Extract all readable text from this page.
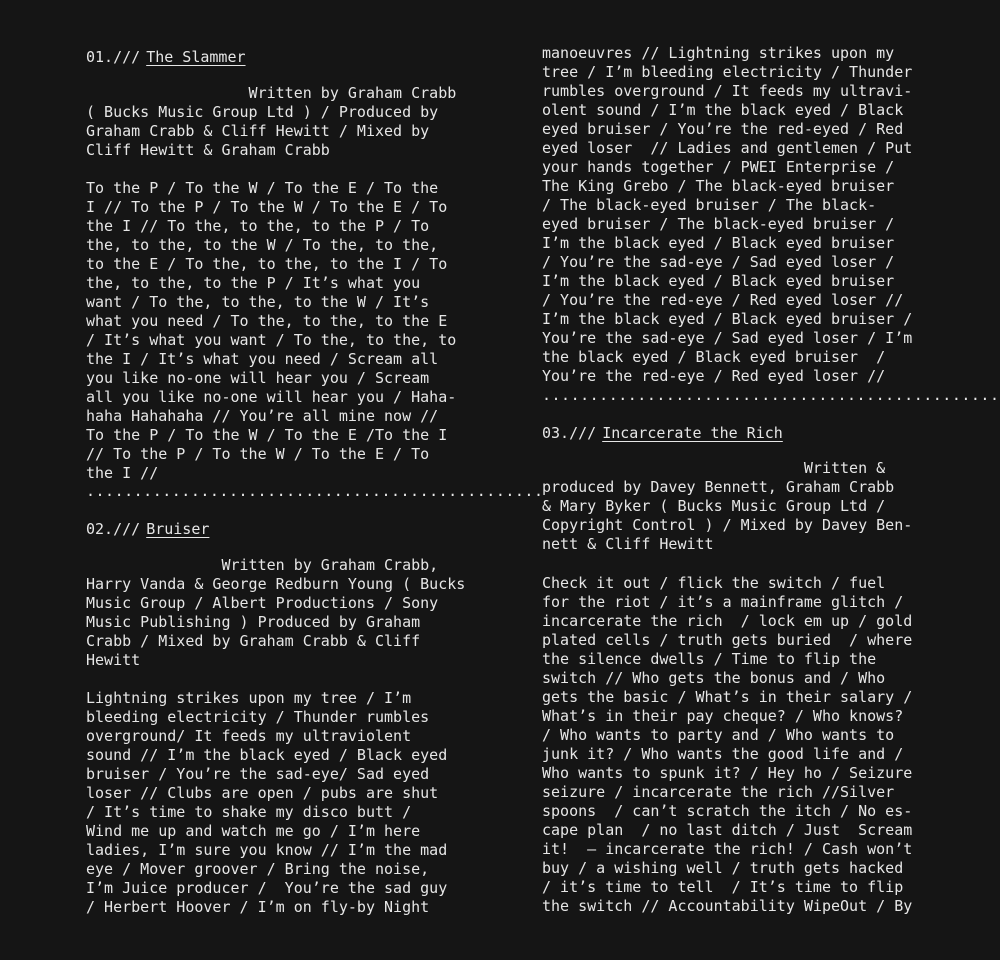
01./// The Slammer
Written by Graham Crabb
( Bucks Music Group Ltd ) / Produced by
Graham Crabb & Cliff Hewitt / Mixed by
Cliff Hewitt & Graham Crabb
To the P / To the W / To the E / To the
I // To the P / To the W / To the E / To
the I // To the, to the, to the P / To
the, to the, to the W / To the, to the,
to the E / To the, to the, to the I / To
the, to the, to the P / It’s what you
want / To the, to the, to the W / It’s
what you need / To the, to the, to the E
/ It’s what you want / To the, to the, to
the I / It’s what you need / Scream all
you like no-one will hear you / Scream
all you like no-one will hear you / Haha-
haha Hahahaha // You’re all mine now //
To the P / To the W / To the E /To the I
// To the P / To the W / To the E / To
the I //
................................................
02./// Bruiser
Written by Graham Crabb,
Harry Vanda & George Redburn Young ( Bucks
Music Group / Albert Productions / Sony
Music Publishing ) Produced by Graham
Crabb / Mixed by Graham Crabb & Cliff
Hewitt
Lightning strikes upon my tree / I’m
bleeding electricity / Thunder rumbles
overground/ It feeds my ultraviolent
sound // I’m the black eyed / Black eyed
bruiser / You’re the sad-eye/ Sad eyed
loser // Clubs are open / pubs are shut
/ It’s time to shake my disco butt /
Wind me up and watch me go / I’m here
ladies, I’m sure you know // I’m the mad
eye / Mover groover / Bring the noise,
I’m Juice producer /  You’re the sad guy
/ Herbert Hoover / I’m on fly-by Night
manoeuvres // Lightning strikes upon my
tree / I’m bleeding electricity / Thunder
rumbles overground / It feeds my ultravi-
olent sound / I’m the black eyed / Black
eyed bruiser / You’re the red-eyed / Red
eyed loser  // Ladies and gentlemen / Put
your hands together / PWEI Enterprise /
The King Grebo / The black-eyed bruiser
/ The black-eyed bruiser / The black-
eyed bruiser / The black-eyed bruiser /
I’m the black eyed / Black eyed bruiser
/ You’re the sad-eye / Sad eyed loser /
I’m the black eyed / Black eyed bruiser
/ You’re the red-eye / Red eyed loser //
I’m the black eyed / Black eyed bruiser /
You’re the sad-eye / Sad eyed loser / I’m
the black eyed / Black eyed bruiser  /
You’re the red-eye / Red eyed loser //
................................................
03./// Incarcerate the Rich
Written &
produced by Davey Bennett, Graham Crabb
& Mary Byker ( Bucks Music Group Ltd /
Copyright Control ) / Mixed by Davey Ben-
nett & Cliff Hewitt
Check it out / flick the switch / fuel
for the riot / it’s a mainframe glitch /
incarcerate the rich  / lock em up / gold
plated cells / truth gets buried  / where
the silence dwells / Time to flip the
switch // Who gets the bonus and / Who
gets the basic / What’s in their salary /
What’s in their pay cheque? / Who knows?
/ Who wants to party and / Who wants to
junk it? / Who wants the good life and /
Who wants to spunk it? / Hey ho / Seizure
seizure / incarcerate the rich //Silver
spoons  / can’t scratch the itch / No es-
cape plan  / no last ditch / Just  Scream
it!  — incarcerate the rich! / Cash won’t
buy / a wishing well / truth gets hacked
/ it’s time to tell  / It’s time to flip
the switch // Accountability WipeOut / By
